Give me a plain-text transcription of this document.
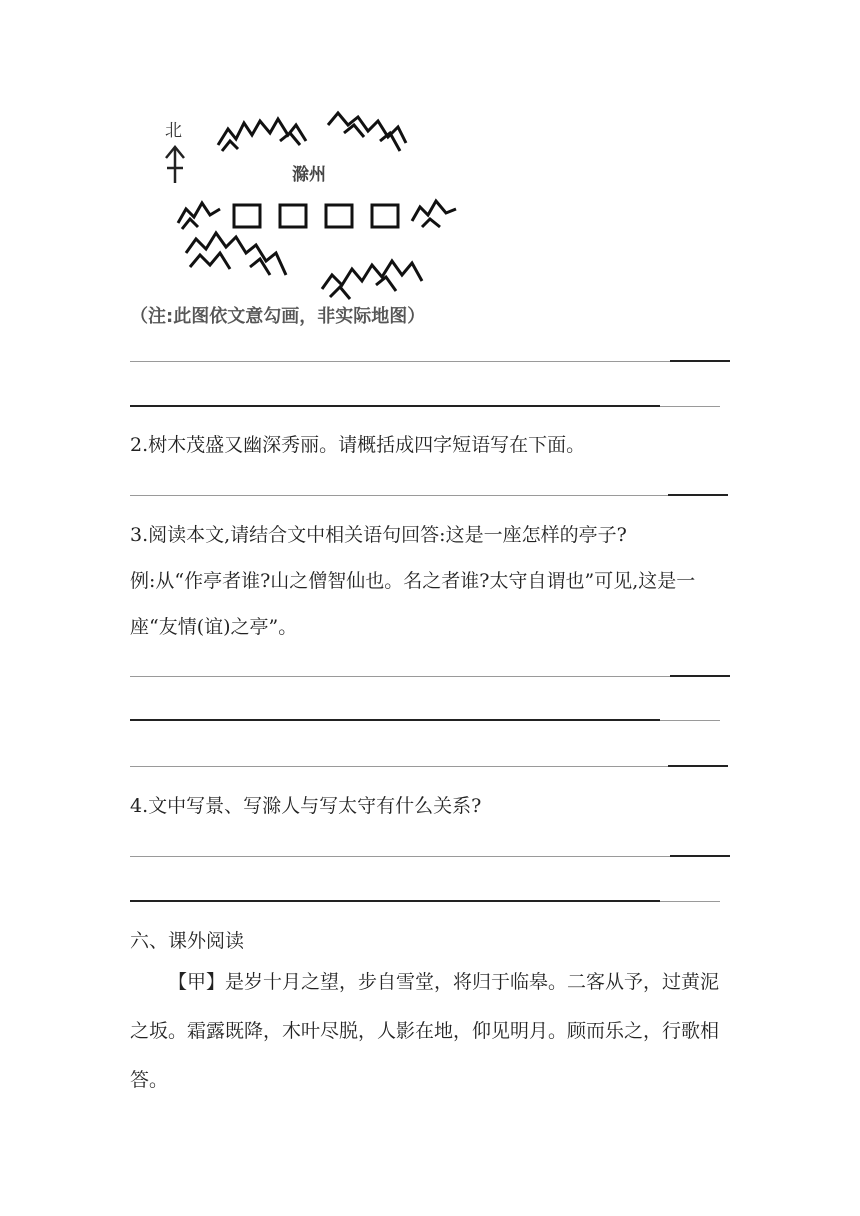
北
滁州
（注:此图依文意勾画，非实际地图）
2.树木茂盛又幽深秀丽。请概括成四字短语写在下面。
3.阅读本文,请结合文中相关语句回答:这是一座怎样的亭子?
例:从“作亭者谁?山之僧智仙也。名之者谁?太守自谓也”可见,这是一座“友情(谊)之亭”。
4.文中写景、写滁人与写太守有什么关系?
六、课外阅读
【甲】是岁十月之望，步自雪堂，将归于临皋。二客从予，过黄泥之坂。霜露既降，木叶尽脱，人影在地，仰见明月。顾而乐之，行歌相答。
